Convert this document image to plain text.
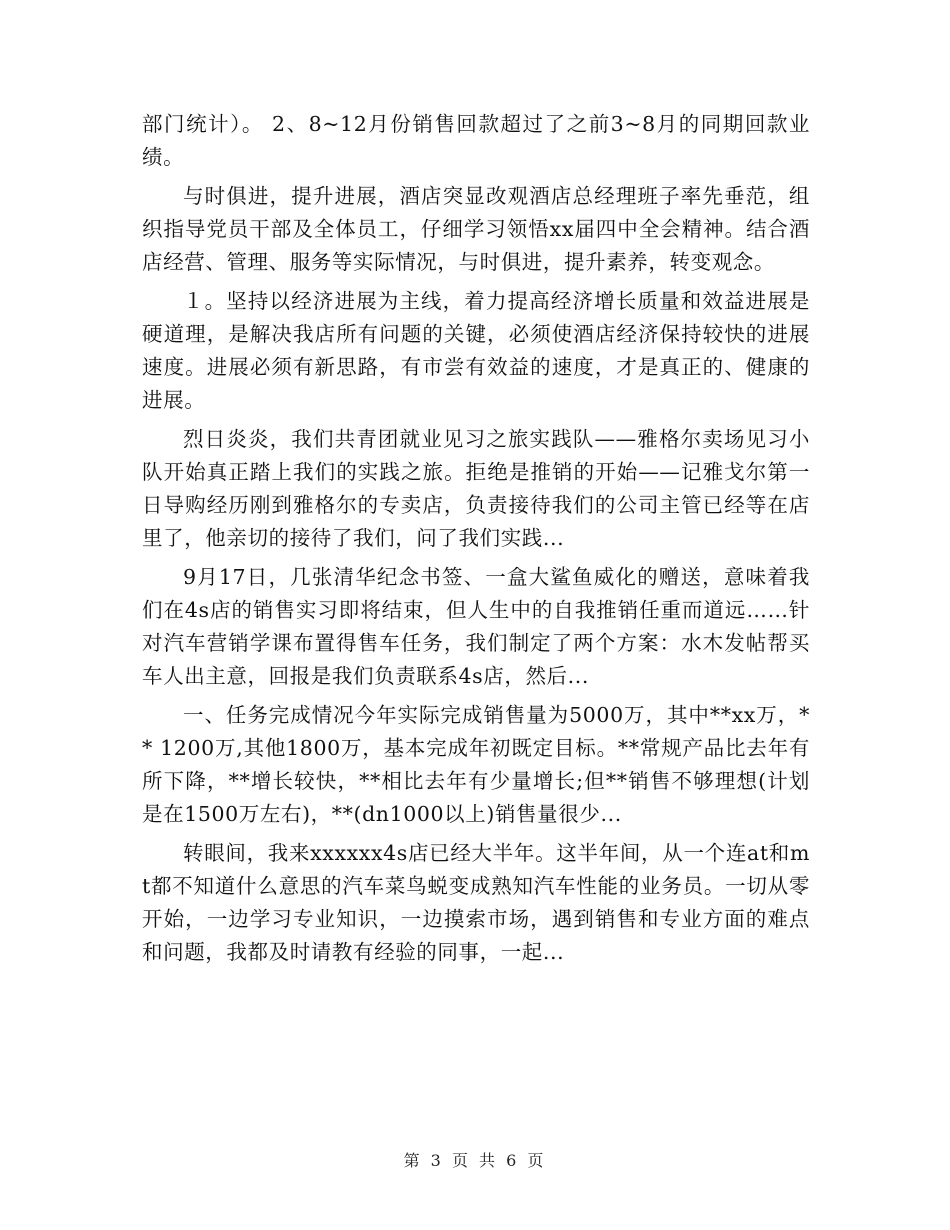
部门统计）。 2、8~12月份销售回款超过了之前3~8月的同期回款业绩。

与时俱进，提升进展，酒店突显改观酒店总经理班子率先垂范，组织指导党员干部及全体员工，仔细学习领悟xx届四中全会精神。结合酒店经营、管理、服务等实际情况，与时俱进，提升素养，转变观念。

１。坚持以经济进展为主线，着力提高经济增长质量和效益进展是硬道理，是解决我店所有问题的关键，必须使酒店经济保持较快的进展速度。进展必须有新思路，有市尝有效益的速度，才是真正的、健康的进展。

烈日炎炎，我们共青团就业见习之旅实践队——雅格尔卖场见习小队开始真正踏上我们的实践之旅。拒绝是推销的开始——记雅戈尔第一日导购经历刚到雅格尔的专卖店，负责接待我们的公司主管已经等在店里了，他亲切的接待了我们，问了我们实践...

9月17日，几张清华纪念书签、一盒大鲨鱼威化的赠送，意味着我们在4s店的销售实习即将结束，但人生中的自我推销任重而道远……针对汽车营销学课布置得售车任务，我们制定了两个方案：水木发帖帮买车人出主意，回报是我们负责联系4s店，然后...

一、任务完成情况今年实际完成销售量为5000万，其中**xx万，** 1200万,其他1800万，基本完成年初既定目标。**常规产品比去年有所下降，**增长较快，**相比去年有少量增长;但**销售不够理想(计划是在1500万左右)，**(dn1000以上)销售量很少...

转眼间，我来xxxxxx4s店已经大半年。这半年间，从一个连at和mt都不知道什么意思的汽车菜鸟蜕变成熟知汽车性能的业务员。一切从零开始，一边学习专业知识，一边摸索市场，遇到销售和专业方面的难点和问题，我都及时请教有经验的同事，一起...

第 3 页 共 6 页
